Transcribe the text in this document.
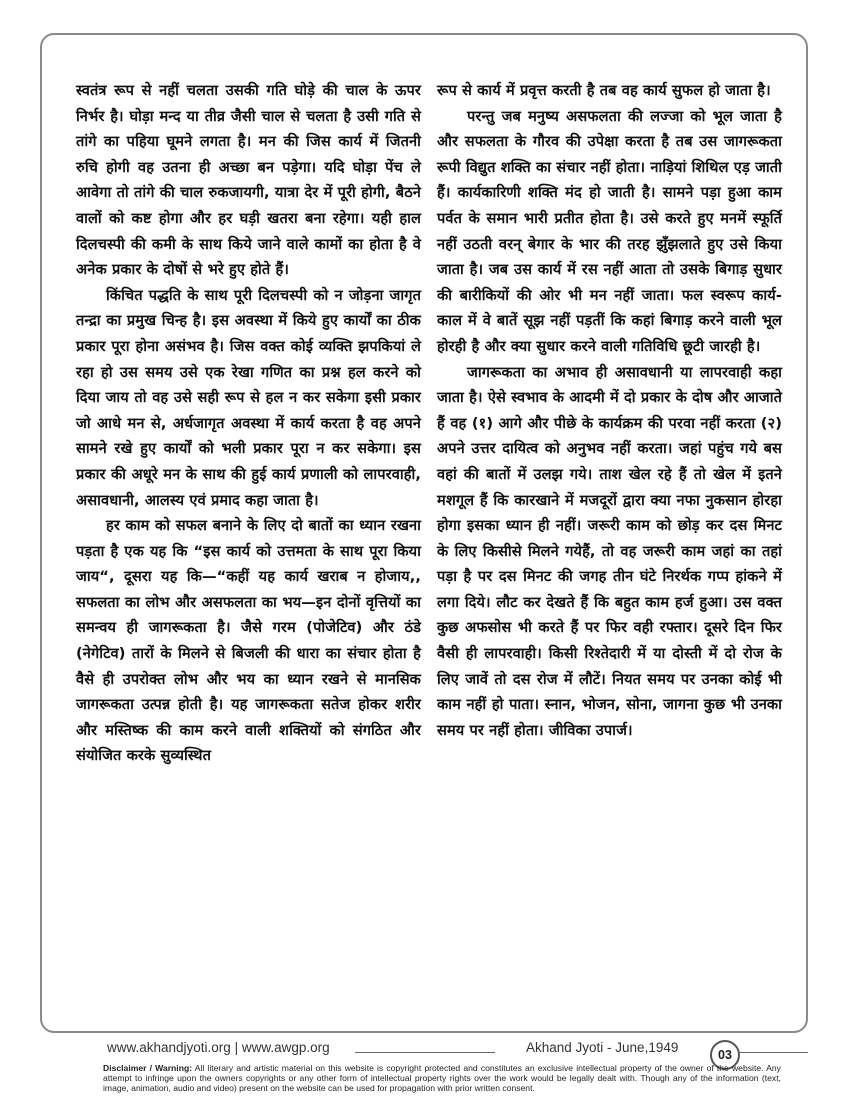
स्वतंत्र रूप से नहीं चलता उसकी गति घोड़े की चाल के ऊपर निर्भर है। घोड़ा मन्द या तीव्र जैसी चाल से चलता है उसी गति से तांगे का पहिया घूमने लगता है। मन की जिस कार्य में जितनी रुचि होगी वह उतना ही अच्छा बन पड़ेगा। यदि घोड़ा पेंच ले आवेगा तो तांगे की चाल रुकजायगी, यात्रा देर में पूरी होगी, बैठने वालों को कष्ट होगा और हर घड़ी खतरा बना रहेगा। यही हाल दिलचस्पी की कमी के साथ किये जाने वाले कामों का होता है वे अनेक प्रकार के दोषों से भरे हुए होते हैं।

किंचित पद्धति के साथ पूरी दिलचस्पी को न जोड़ना जागृत तन्द्रा का प्रमुख चिन्ह है। इस अवस्था में किये हुए कार्यों का ठीक प्रकार पूरा होना असंभव है। जिस वक्त कोई व्यक्ति झपकियां ले रहा हो उस समय उसे एक रेखा गणित का प्रश्न हल करने को दिया जाय तो वह उसे सही रूप से हल न कर सकेगा इसी प्रकार जो आधे मन से, अर्धजागृत अवस्था में कार्य करता है वह अपने सामने रखे हुए कार्यों को भली प्रकार पूरा न कर सकेगा। इस प्रकार की अधूरे मन के साथ की हुई कार्य प्रणाली को लापरवाही, असावधानी, आलस्य एवं प्रमाद कहा जाता है।

हर काम को सफल बनाने के लिए दो बातों का ध्यान रखना पड़ता है एक यह कि “इस कार्य को उत्तमता के साथ पूरा किया जाय“, दूसरा यह कि—“कहीं यह कार्य खराब न होजाय,, सफलता का लोभ और असफलता का भय—इन दोनों वृत्तियों का समन्वय ही जागरूकता है। जैसे गरम (पोजेटिव) और ठंडे (नेगेटिव) तारों के मिलने से बिजली की धारा का संचार होता है वैसे ही उपरोक्त लोभ और भय का ध्यान रखने से मानसिक जागरूकता उत्पन्न होती है। यह जागरूकता सतेज होकर शरीर और मस्तिष्क की काम करने वाली शक्तियों को संगठित और संयोजित करके सुव्यस्थित

रूप से कार्य में प्रवृत्त करती है तब वह कार्य सुफल हो जाता है।

परन्तु जब मनुष्य असफलता की लज्जा को भूल जाता है और सफलता के गौरव की उपेक्षा करता है तब उस जागरूकता रूपी विद्युत शक्ति का संचार नहीं होता। नाड़ियां शिथिल एड़ जाती हैं। कार्यकारिणी शक्ति मंद हो जाती है। सामने पड़ा हुआ काम पर्वत के समान भारी प्रतीत होता है। उसे करते हुए मनमें स्फूर्ति नहीं उठती वरन् बेगार के भार की तरह झुँझलाते हुए उसे किया जाता है। जब उस कार्य में रस नहीं आता तो उसके बिगाड़ सुधार की बारीकियों की ओर भी मन नहीं जाता। फल स्वरूप कार्य-काल में वे बातें सूझ नहीं पड़तीं कि कहां बिगाड़ करने वाली भूल होरही है और क्या सुधार करने वाली गतिविधि छूटी जारही है।

जागरूकता का अभाव ही असावधानी या लापरवाही कहा जाता है। ऐसे स्वभाव के आदमी में दो प्रकार के दोष और आजाते हैं वह (१) आगे और पीछे के कार्यक्रम की परवा नहीं करता (२) अपने उत्तर दायित्व को अनुभव नहीं करता। जहां पहुंच गये बस वहां की बातों में उलझ गये। ताश खेल रहे हैं तो खेल में इतने मशगूल हैं कि कारखाने में मजदूरों द्वारा क्या नफा नुकसान होरहा होगा इसका ध्यान ही नहीं। जरूरी काम को छोड़ कर दस मिनट के लिए किसीसे मिलने गयेहैं, तो वह जरूरी काम जहां का तहां पड़ा है पर दस मिनट की जगह तीन घंटे निरर्थक गप्प हांकने में लगा दिये। लौट कर देखते हैं कि बहुत काम हर्ज हुआ। उस वक्त कुछ अफसोस भी करते हैं पर फिर वही रफ्तार। दूसरे दिन फिर वैसी ही लापरवाही। किसी रिश्तेदारी में या दोस्ती में दो रोज के लिए जावें तो दस रोज में लौटें। नियत समय पर उनका कोई भी काम नहीं हो पाता। स्नान, भोजन, सोना, जागना कुछ भी उनका समय पर नहीं होता। जीविका उपार्ज।

www.akhandjyoti.org | www.awgp.org	Akhand Jyoti - June,1949	03
Disclaimer / Warning: All literary and artistic material on this website is copyright protected and constitutes an exclusive intellectual property of the owner of the website. Any attempt to infringe upon the owners copyrights or any other form of intellectual property rights over the work would be legally dealt with. Though any of the information (text, image, animation, audio and video) present on the website can be used for propagation with prior written consent.
